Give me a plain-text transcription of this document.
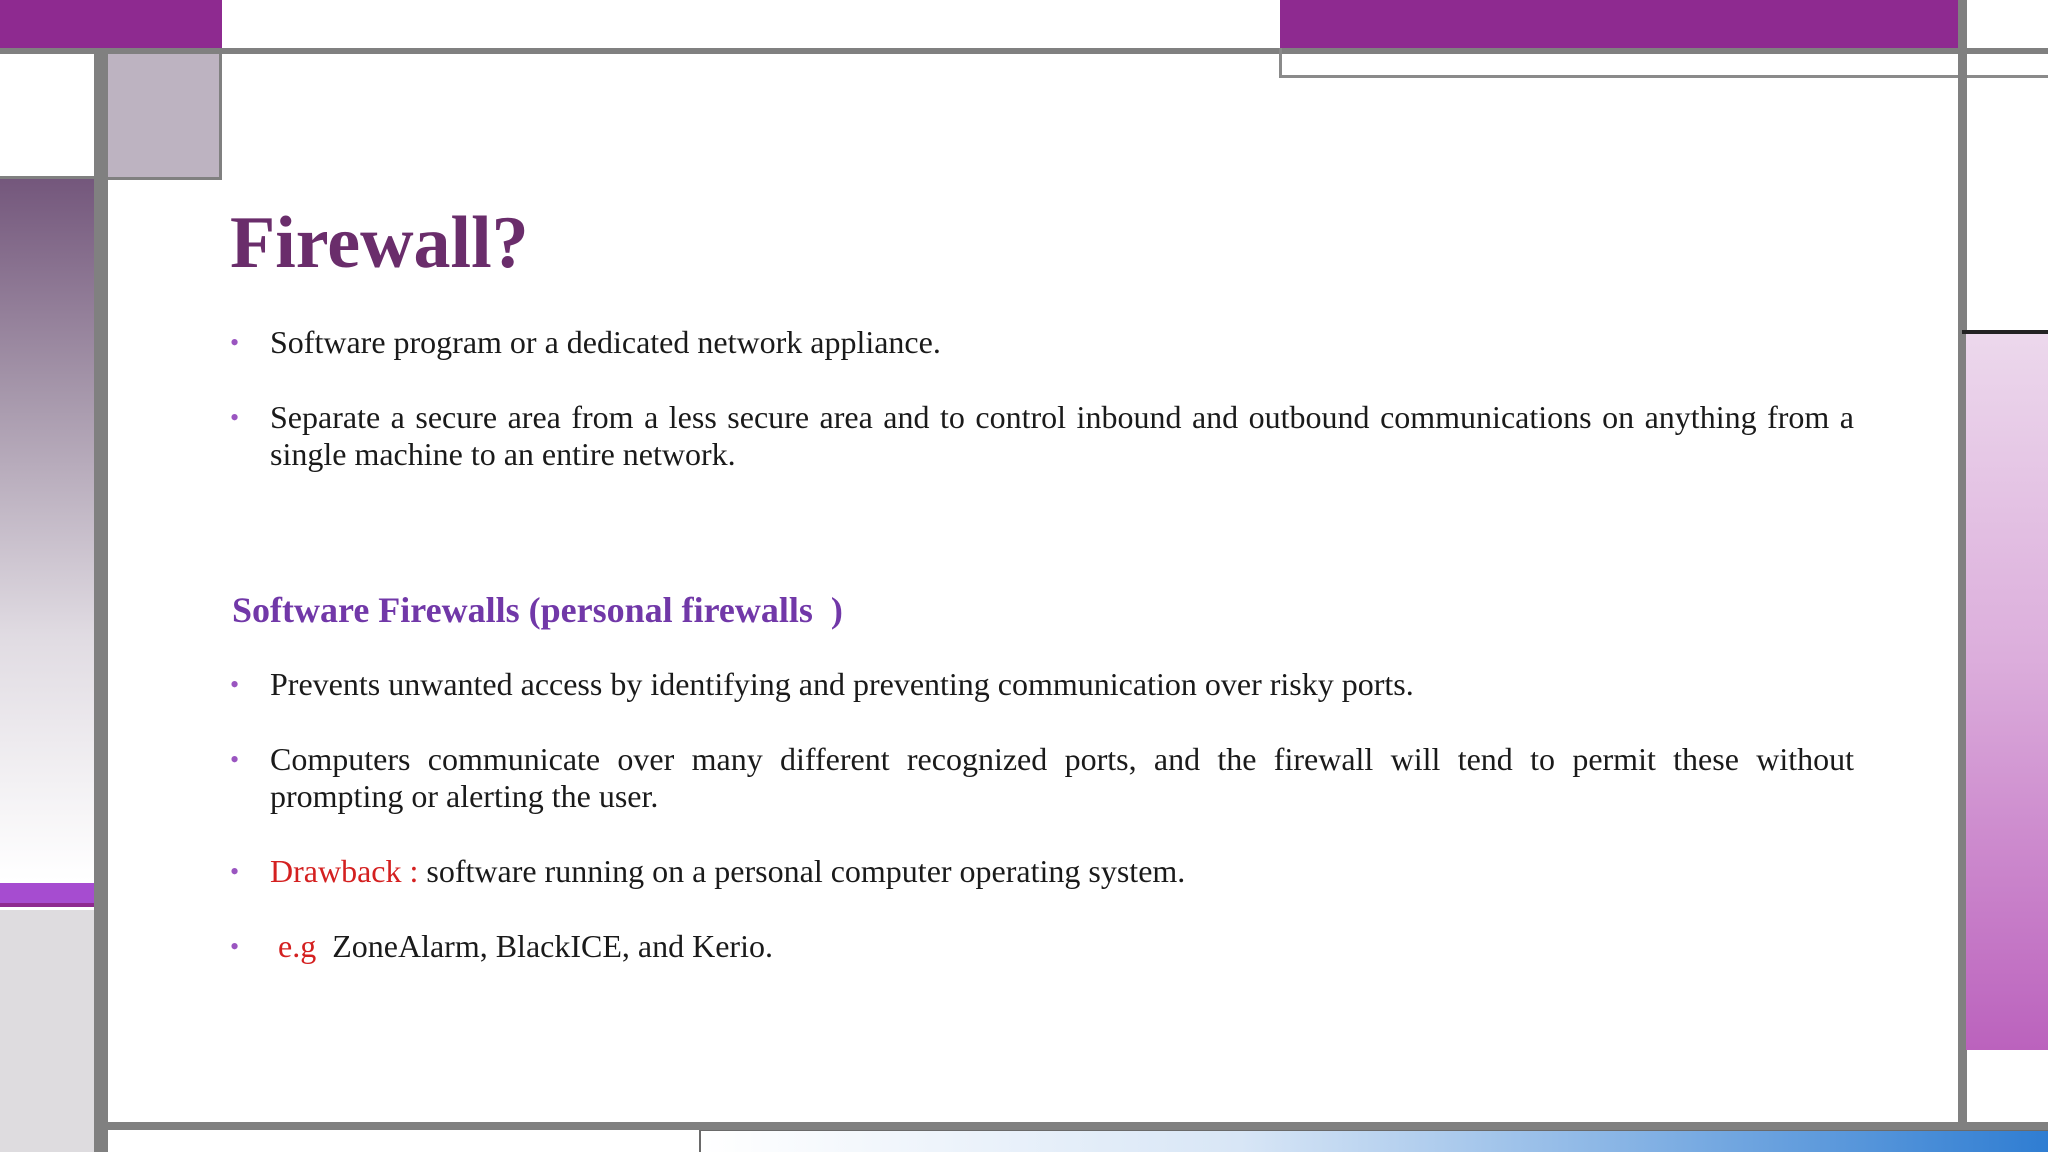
Firewall?
• Software program or a dedicated network appliance.
• Separate a secure area from a less secure area and to control inbound and outbound communications on anything from a single machine to an entire network.
Software Firewalls (personal firewalls  )
• Prevents unwanted access by identifying and preventing communication over risky ports.
• Computers communicate over many different recognized ports, and the firewall will tend to permit these without prompting or alerting the user.
• Drawback : software running on a personal computer operating system.
• e.g  ZoneAlarm, BlackICE, and Kerio.
